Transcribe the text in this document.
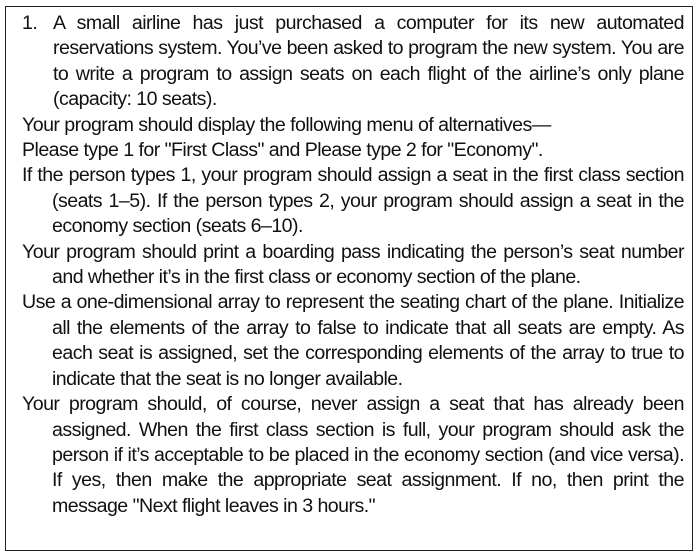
1. A small airline has just purchased a computer for its new automated reservations system. You’ve been asked to program the new system. You are to write a program to assign seats on each flight of the airline’s only plane (capacity: 10 seats).

Your program should display the following menu of alternatives—

Please type 1 for "First Class" and Please type 2 for "Economy".

If the person types 1, your program should assign a seat in the first class section (seats 1–5). If the person types 2, your program should assign a seat in the economy section (seats 6–10).

Your program should print a boarding pass indicating the person’s seat number and whether it’s in the first class or economy section of the plane.

Use a one-dimensional array to represent the seating chart of the plane. Initialize all the elements of the array to false to indicate that all seats are empty. As each seat is assigned, set the corresponding elements of the array to true to indicate that the seat is no longer available.

Your program should, of course, never assign a seat that has already been assigned. When the first class section is full, your program should ask the person if it’s acceptable to be placed in the economy section (and vice versa). If yes, then make the appropriate seat assignment. If no, then print the message "Next flight leaves in 3 hours."
